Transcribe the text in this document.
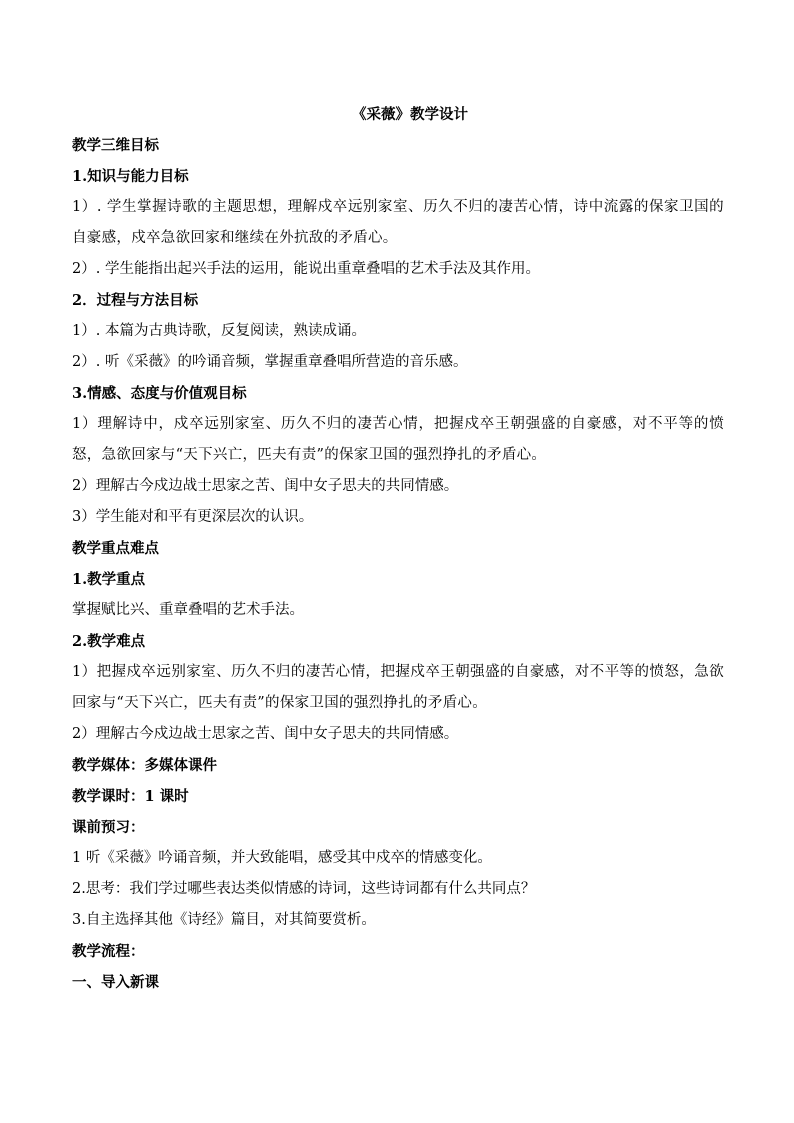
《采薇》教学设计

教学三维目标

1.知识与能力目标

1）. 学生掌握诗歌的主题思想，理解戍卒远别家室、历久不归的凄苦心情，诗中流露的保家卫国的自豪感，戍卒急欲回家和继续在外抗敌的矛盾心。

2）. 学生能指出起兴手法的运用，能说出重章叠唱的艺术手法及其作用。

2．过程与方法目标

1）. 本篇为古典诗歌，反复阅读，熟读成诵。

2）. 听《采薇》的吟诵音频，掌握重章叠唱所营造的音乐感。

3.情感、态度与价值观目标

1）理解诗中，戍卒远别家室、历久不归的凄苦心情，把握戍卒王朝强盛的自豪感，对不平等的愤怒，急欲回家与“天下兴亡，匹夫有责”的保家卫国的强烈挣扎的矛盾心。

2）理解古今戍边战士思家之苦、闺中女子思夫的共同情感。

3）学生能对和平有更深层次的认识。

教学重点难点

1.教学重点

掌握赋比兴、重章叠唱的艺术手法。

2.教学难点

1）把握戍卒远别家室、历久不归的凄苦心情，把握戍卒王朝强盛的自豪感，对不平等的愤怒，急欲回家与“天下兴亡，匹夫有责”的保家卫国的强烈挣扎的矛盾心。

2）理解古今戍边战士思家之苦、闺中女子思夫的共同情感。

教学媒体：多媒体课件

教学课时：1 课时

课前预习：

1 听《采薇》吟诵音频，并大致能唱，感受其中戍卒的情感变化。

2.思考：我们学过哪些表达类似情感的诗词，这些诗词都有什么共同点？

3.自主选择其他《诗经》篇目，对其简要赏析。

教学流程：

一、导入新课
